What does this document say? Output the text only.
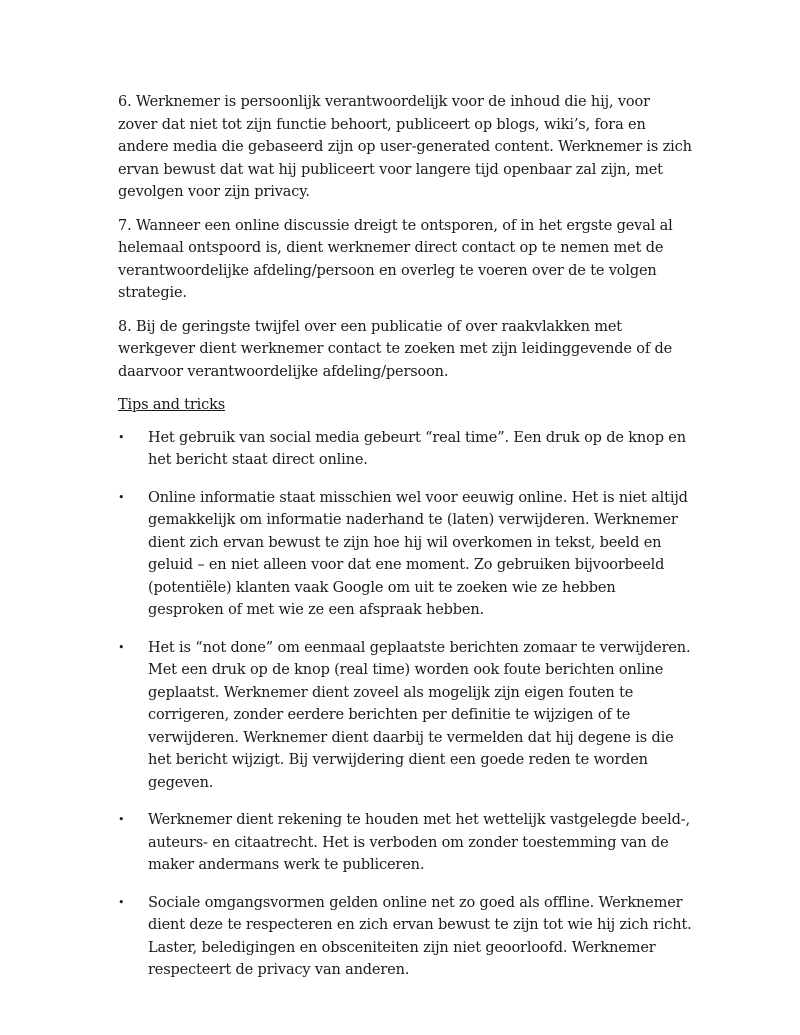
6. Werknemer is persoonlijk verantwoordelijk voor de inhoud die hij, voor zover dat niet tot zijn functie behoort, publiceert op blogs, wiki’s, fora en andere media die gebaseerd zijn op user-generated content. Werknemer is zich ervan bewust dat wat hij publiceert voor langere tijd openbaar zal zijn, met gevolgen voor zijn privacy.

7. Wanneer een online discussie dreigt te ontsporen, of in het ergste geval al helemaal ontspoord is, dient werknemer direct contact op te nemen met de verantwoordelijke afdeling/persoon en overleg te voeren over de te volgen strategie.

8. Bij de geringste twijfel over een publicatie of over raakvlakken met werkgever dient werknemer contact te zoeken met zijn leidinggevende of de daarvoor verantwoordelijke afdeling/persoon.

Tips and tricks

• Het gebruik van social media gebeurt “real time”. Een druk op de knop en het bericht staat direct online.
• Online informatie staat misschien wel voor eeuwig online. Het is niet altijd gemakkelijk om informatie naderhand te (laten) verwijderen. Werknemer dient zich ervan bewust te zijn hoe hij wil overkomen in tekst, beeld en geluid – en niet alleen voor dat ene moment. Zo gebruiken bijvoorbeeld (potentiële) klanten vaak Google om uit te zoeken wie ze hebben gesproken of met wie ze een afspraak hebben.
• Het is “not done” om eenmaal geplaatste berichten zomaar te verwijderen. Met een druk op de knop (real time) worden ook foute berichten online geplaatst. Werknemer dient zoveel als mogelijk zijn eigen fouten te corrigeren, zonder eerdere berichten per definitie te wijzigen of te verwijderen. Werknemer dient daarbij te vermelden dat hij degene is die het bericht wijzigt. Bij verwijdering dient een goede reden te worden gegeven.
• Werknemer dient rekening te houden met het wettelijk vastgelegde beeld-, auteurs- en citaatrecht. Het is verboden om zonder toestemming van de maker andermans werk te publiceren.
• Sociale omgangsvormen gelden online net zo goed als offline. Werknemer dient deze te respecteren en zich ervan bewust te zijn tot wie hij zich richt. Laster, beledigingen en obsceniteiten zijn niet geoorloofd. Werknemer respecteert de privacy van anderen.
